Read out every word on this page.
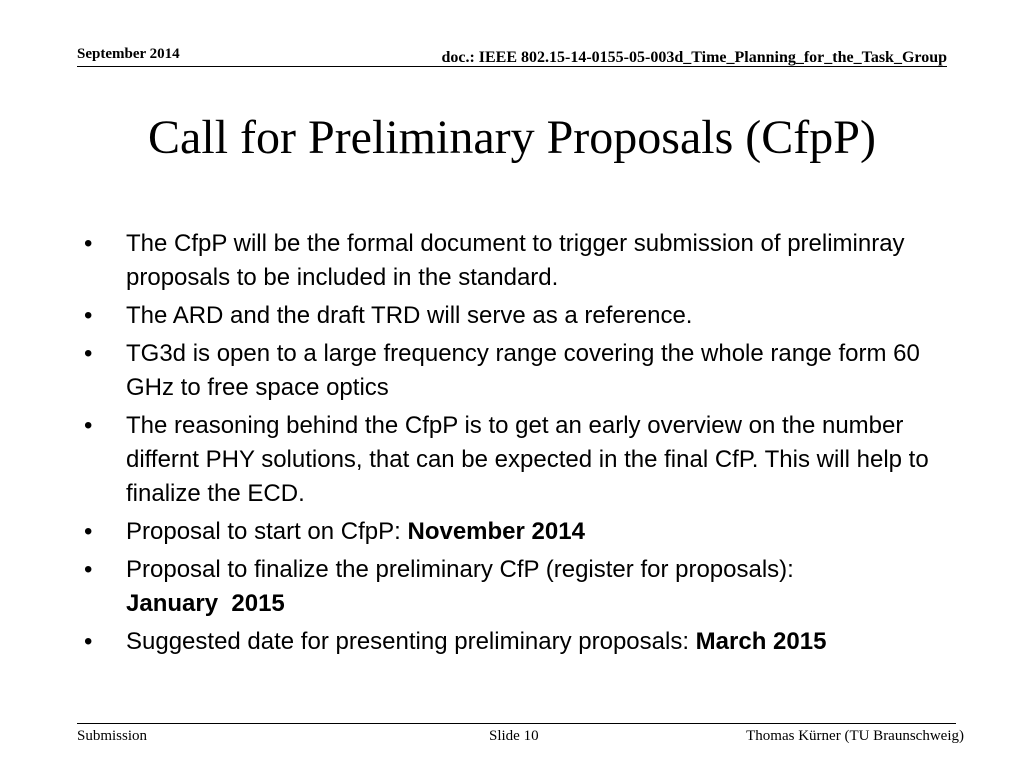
September 2014	doc.: IEEE 802.15-14-0155-05-003d_Time_Planning_for_the_Task_Group
Call for Preliminary Proposals (CfpP)
• The CfpP will be the formal document to trigger submission of preliminray proposals to be included in the standard.
• The ARD and the draft TRD will serve as a reference.
• TG3d is open to a large frequency range covering the whole range form 60 GHz to free space optics
• The reasoning behind the CfpP is to get an early overview on the number differnt PHY solutions, that can be expected in the final CfP. This will help to finalize the ECD.
• Proposal to start on CfpP: November 2014
• Proposal to finalize the preliminary CfP (register for proposals): January  2015
• Suggested date for presenting preliminary proposals: March 2015
Submission	Slide 10	Thomas Kürner (TU Braunschweig)
